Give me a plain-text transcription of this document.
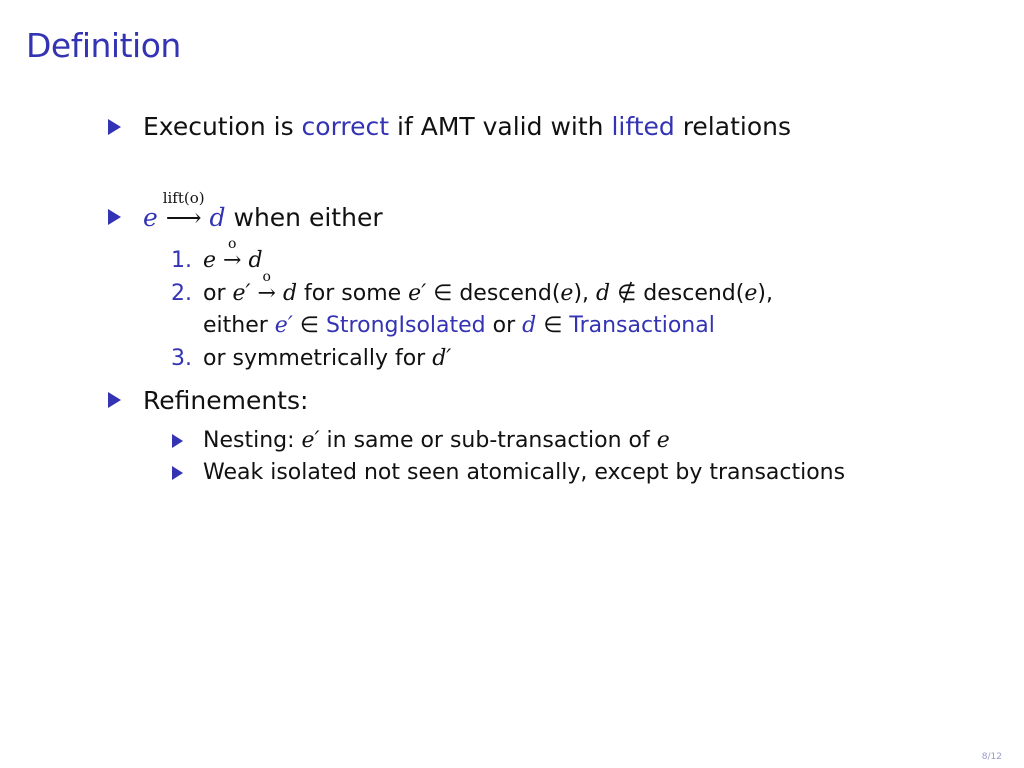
Definition
Execution is correct if AMT valid with lifted relations
e
lift(o)
⟶ d when either
1. e
o
→ d
2. or e′
o
→ d for some e′ ∈ descend(e), d ∉ descend(e),
either e′ ∈ StrongIsolated or d ∈ Transactional
3. or symmetrically for d′
Refinements:
Nesting: e′ in same or sub-transaction of e
Weak isolated not seen atomically, except by transactions
8/12
